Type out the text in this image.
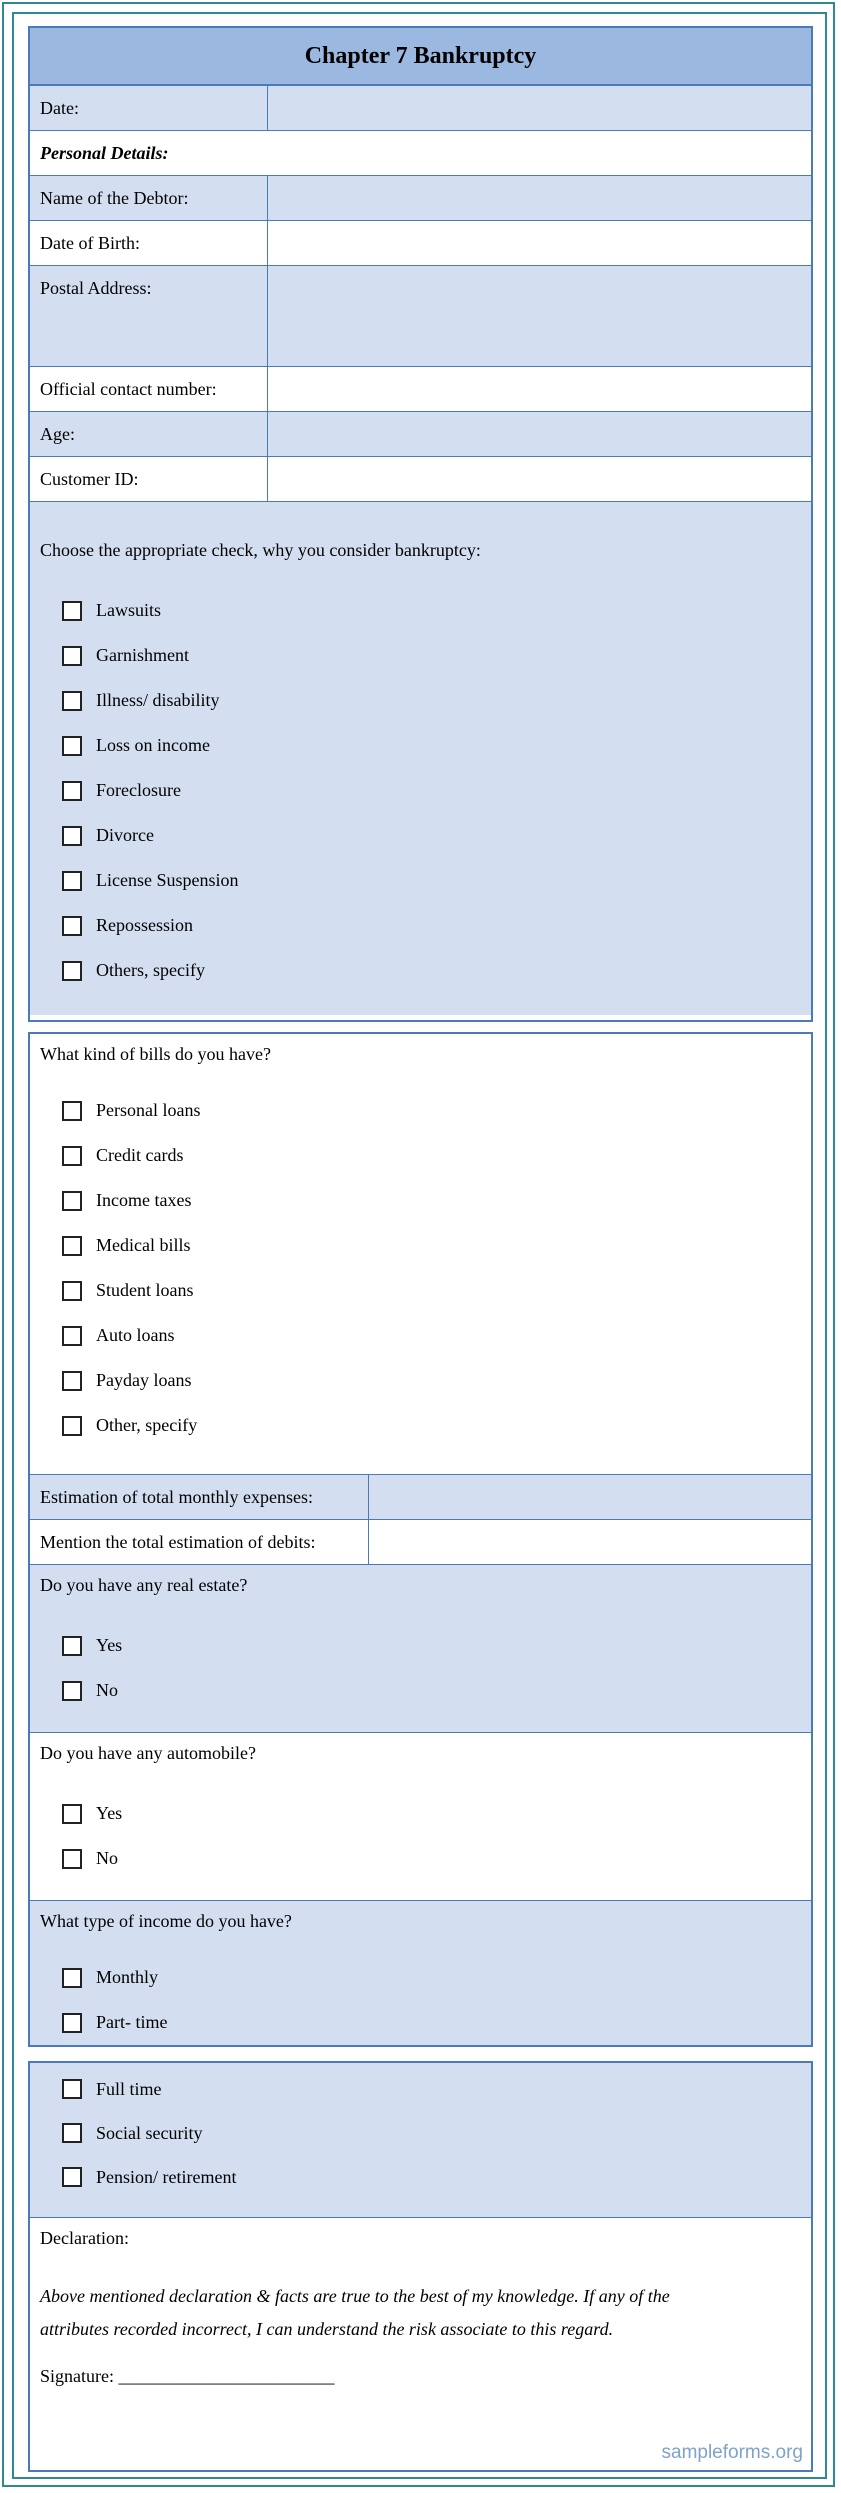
Chapter 7 Bankruptcy
Date:
Personal Details:
Name of the Debtor:
Date of Birth:
Postal Address:
Official contact number:
Age:
Customer ID:
Choose the appropriate check, why you consider bankruptcy:
Lawsuits
Garnishment
Illness/ disability
Loss on income
Foreclosure
Divorce
License Suspension
Repossession
Others, specify
What kind of bills do you have?
Personal loans
Credit cards
Income taxes
Medical bills
Student loans
Auto loans
Payday loans
Other, specify
Estimation of total monthly expenses:
Mention the total estimation of debits:
Do you have any real estate?
Yes
No
Do you have any automobile?
Yes
No
What type of income do you have?
Monthly
Part- time
Full time
Social security
Pension/ retirement
Declaration:
Above mentioned declaration & facts are true to the best of my knowledge. If any of the
attributes recorded incorrect, I can understand the risk associate to this regard.
Signature: ________________________
sampleforms.org
